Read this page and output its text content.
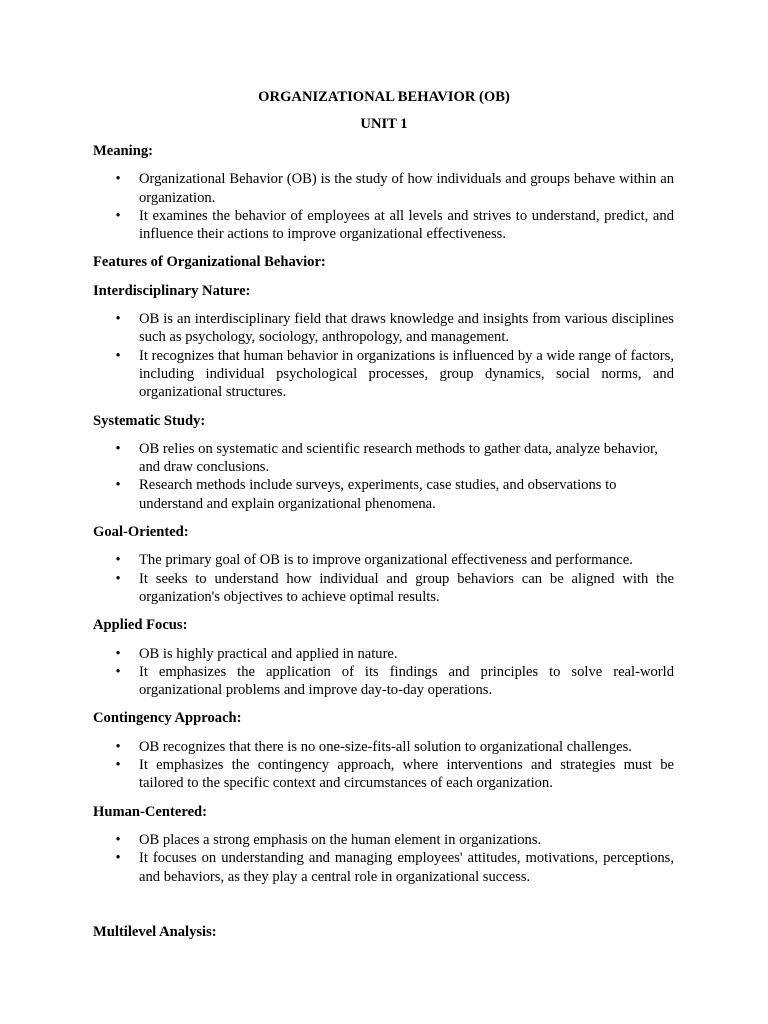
ORGANIZATIONAL BEHAVIOR (OB)

UNIT 1

Meaning:

• Organizational Behavior (OB) is the study of how individuals and groups behave within an organization.
• It examines the behavior of employees at all levels and strives to understand, predict, and influence their actions to improve organizational effectiveness.

Features of Organizational Behavior:

Interdisciplinary Nature:

• OB is an interdisciplinary field that draws knowledge and insights from various disciplines such as psychology, sociology, anthropology, and management.
• It recognizes that human behavior in organizations is influenced by a wide range of factors, including individual psychological processes, group dynamics, social norms, and organizational structures.

Systematic Study:

• OB relies on systematic and scientific research methods to gather data, analyze behavior, and draw conclusions.
• Research methods include surveys, experiments, case studies, and observations to understand and explain organizational phenomena.

Goal-Oriented:

• The primary goal of OB is to improve organizational effectiveness and performance.
• It seeks to understand how individual and group behaviors can be aligned with the organization's objectives to achieve optimal results.

Applied Focus:

• OB is highly practical and applied in nature.
• It emphasizes the application of its findings and principles to solve real-world organizational problems and improve day-to-day operations.

Contingency Approach:

• OB recognizes that there is no one-size-fits-all solution to organizational challenges.
• It emphasizes the contingency approach, where interventions and strategies must be tailored to the specific context and circumstances of each organization.

Human-Centered:

• OB places a strong emphasis on the human element in organizations.
• It focuses on understanding and managing employees' attitudes, motivations, perceptions, and behaviors, as they play a central role in organizational success.

Multilevel Analysis:
